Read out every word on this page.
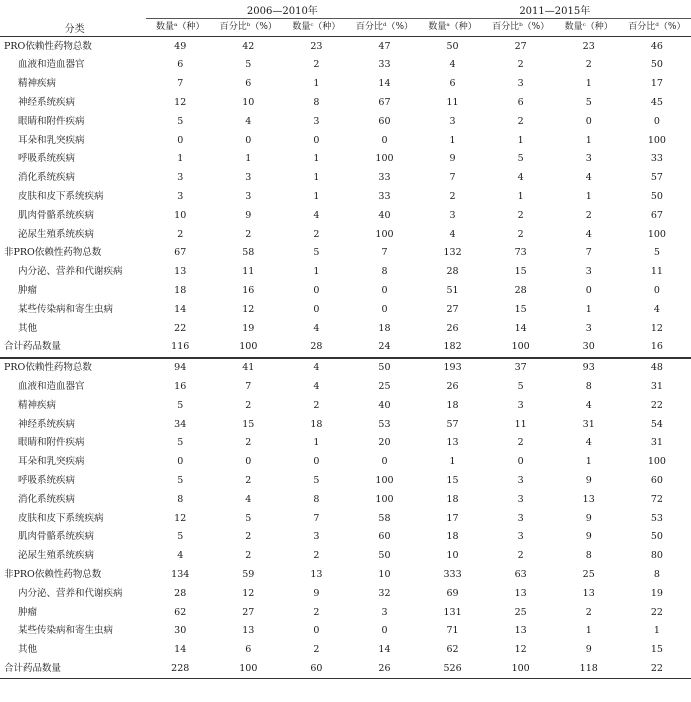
分类	2006—2010年				2011—2015年			
	数量ᵃ（种）	百分比ᵇ（%）	数量ᶜ（种）	百分比ᵈ（%）	数量ᵃ（种）	百分比ᵇ（%）	数量ᶜ（种）	百分比ᵈ（%）
PRO依赖性药物总数	49	42	23	47	50	27	23	46
血液和造血器官	6	5	2	33	4	2	2	50
精神疾病	7	6	1	14	6	3	1	17
神经系统疾病	12	10	8	67	11	6	5	45
眼睛和附件疾病	5	4	3	60	3	2	0	0
耳朵和乳突疾病	0	0	0	0	1	1	1	100
呼吸系统疾病	1	1	1	100	9	5	3	33
消化系统疾病	3	3	1	33	7	4	4	57
皮肤和皮下系统疾病	3	3	1	33	2	1	1	50
肌肉骨骼系统疾病	10	9	4	40	3	2	2	67
泌尿生殖系统疾病	2	2	2	100	4	2	4	100
非PRO依赖性药物总数	67	58	5	7	132	73	7	5
内分泌、营养和代谢疾病	13	11	1	8	28	15	3	11
肿瘤	18	16	0	0	51	28	0	0
某些传染病和寄生虫病	14	12	0	0	27	15	1	4
其他	22	19	4	18	26	14	3	12
合计药品数量	116	100	28	24	182	100	30	16
PRO依赖性药物总数	94	41	4	50	193	37	93	48
血液和造血器官	16	7	4	25	26	5	8	31
精神疾病	5	2	2	40	18	3	4	22
神经系统疾病	34	15	18	53	57	11	31	54
眼睛和附件疾病	5	2	1	20	13	2	4	31
耳朵和乳突疾病	0	0	0	0	1	0	1	100
呼吸系统疾病	5	2	5	100	15	3	9	60
消化系统疾病	8	4	8	100	18	3	13	72
皮肤和皮下系统疾病	12	5	7	58	17	3	9	53
肌肉骨骼系统疾病	5	2	3	60	18	3	9	50
泌尿生殖系统疾病	4	2	2	50	10	2	8	80
非PRO依赖性药物总数	134	59	13	10	333	63	25	8
内分泌、营养和代谢疾病	28	12	9	32	69	13	13	19
肿瘤	62	27	2	3	131	25	2	22
某些传染病和寄生虫病	30	13	0	0	71	13	1	1
其他	14	6	2	14	62	12	9	15
合计药品数量	228	100	60	26	526	100	118	22
